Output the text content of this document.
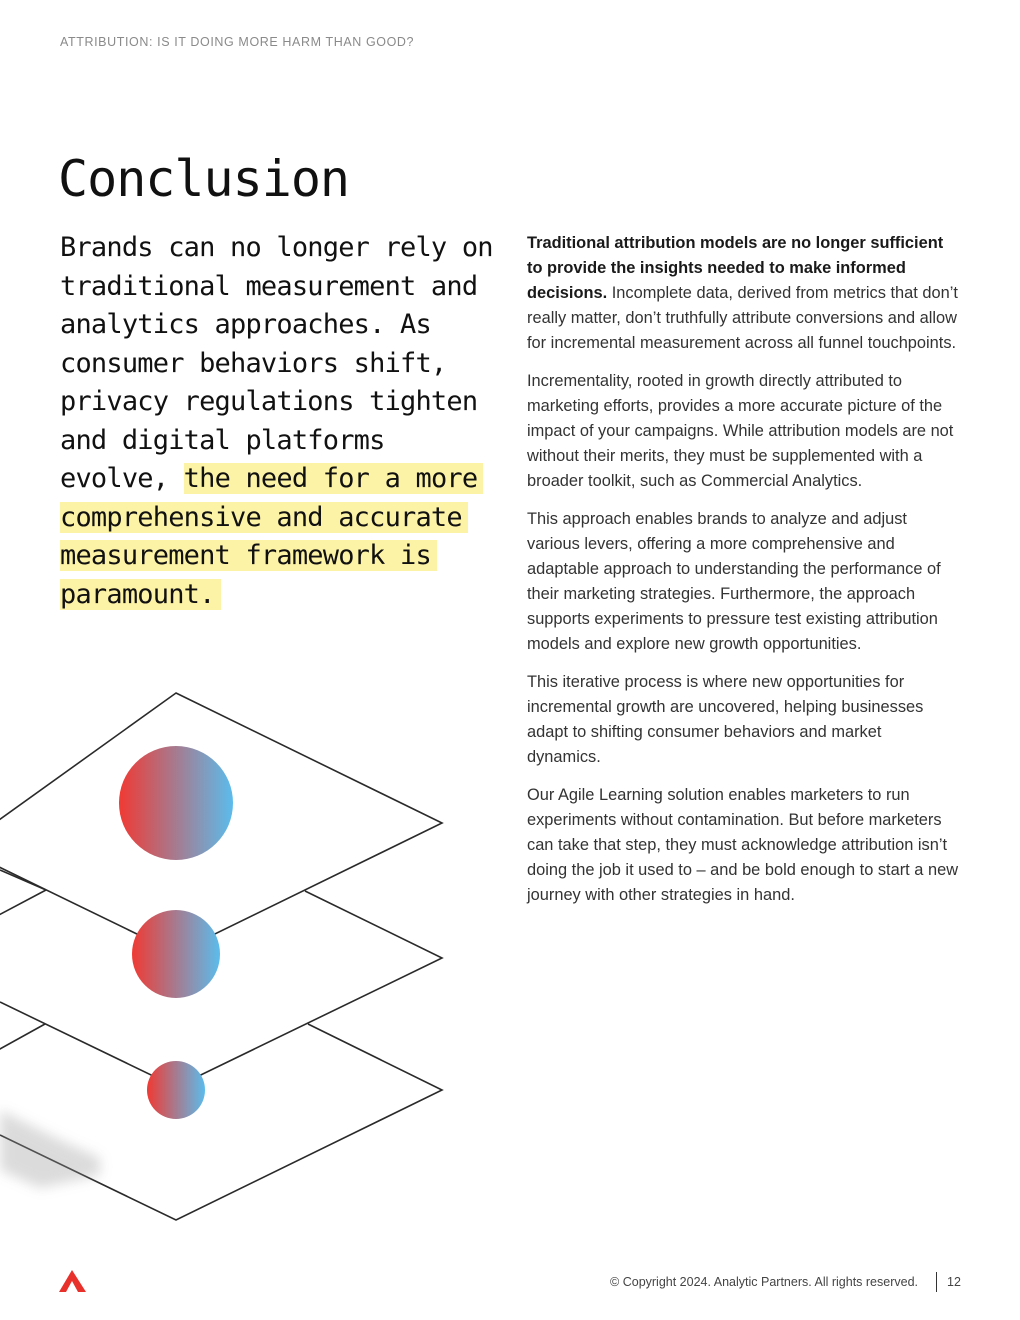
ATTRIBUTION: IS IT DOING MORE HARM THAN GOOD?
Conclusion

Brands can no longer rely on traditional measurement and analytics approaches. As consumer behaviors shift, privacy regulations tighten and digital platforms evolve, the need for a more comprehensive and accurate measurement framework is paramount.

Traditional attribution models are no longer sufficient to provide the insights needed to make informed decisions. Incomplete data, derived from metrics that don’t really matter, don’t truthfully attribute conversions and allow for incremental measurement across all funnel touchpoints.

Incrementality, rooted in growth directly attributed to marketing efforts, provides a more accurate picture of the impact of your campaigns. While attribution models are not without their merits, they must be supplemented with a broader toolkit, such as Commercial Analytics.

This approach enables brands to analyze and adjust various levers, offering a more comprehensive and adaptable approach to understanding the performance of their marketing strategies. Furthermore, the approach supports experiments to pressure test existing attribution models and explore new growth opportunities.

This iterative process is where new opportunities for incremental growth are uncovered, helping businesses adapt to shifting consumer behaviors and market dynamics.

Our Agile Learning solution enables marketers to run experiments without contamination. But before marketers can take that step, they must acknowledge attribution isn’t doing the job it used to – and be bold enough to start a new journey with other strategies in hand.

© Copyright 2024. Analytic Partners. All rights reserved. 12
